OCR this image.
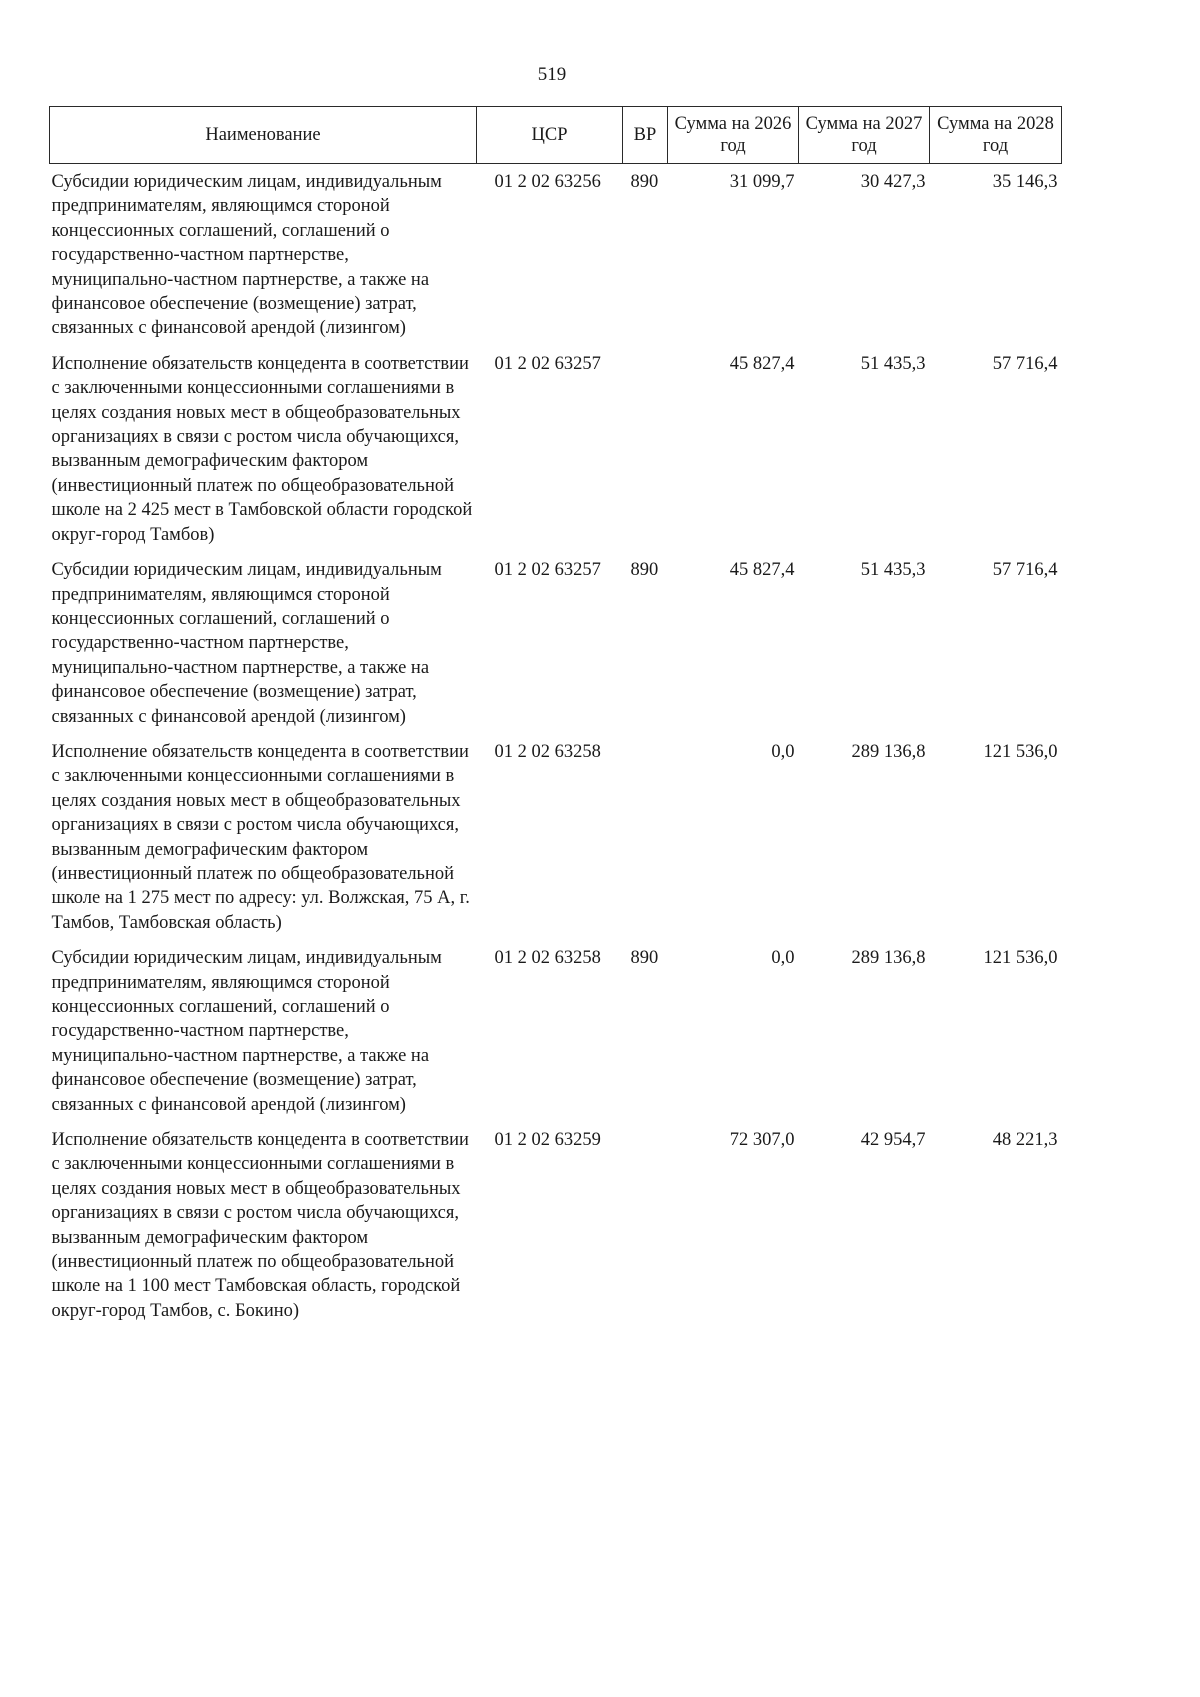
519
Наименование	ЦСР	ВР	Сумма на 2026 год	Сумма на 2027 год	Сумма на 2028 год
Субсидии юридическим лицам, индивидуальным предпринимателям, являющимся стороной концессионных соглашений, соглашений о государственно-частном партнерстве, муниципально-частном партнерстве, а также на финансовое обеспечение (возмещение) затрат, связанных с финансовой арендой (лизингом)	01 2 02 63256	890	31 099,7	30 427,3	35 146,3
Исполнение обязательств концедента в соответствии с заключенными концессионными соглашениями в целях создания новых мест в общеобразовательных организациях в связи с ростом числа обучающихся, вызванным демографическим фактором (инвестиционный платеж по общеобразовательной школе на 2 425 мест в Тамбовской области городской округ-город Тамбов)	01 2 02 63257		45 827,4	51 435,3	57 716,4
Субсидии юридическим лицам, индивидуальным предпринимателям, являющимся стороной концессионных соглашений, соглашений о государственно-частном партнерстве, муниципально-частном партнерстве, а также на финансовое обеспечение (возмещение) затрат, связанных с финансовой арендой (лизингом)	01 2 02 63257	890	45 827,4	51 435,3	57 716,4
Исполнение обязательств концедента в соответствии с заключенными концессионными соглашениями в целях создания новых мест в общеобразовательных организациях в связи с ростом числа обучающихся, вызванным демографическим фактором (инвестиционный платеж по общеобразовательной школе на 1 275 мест по адресу: ул. Волжская, 75 А, г. Тамбов, Тамбовская область)	01 2 02 63258		0,0	289 136,8	121 536,0
Субсидии юридическим лицам, индивидуальным предпринимателям, являющимся стороной концессионных соглашений, соглашений о государственно-частном партнерстве, муниципально-частном партнерстве, а также на финансовое обеспечение (возмещение) затрат, связанных с финансовой арендой (лизингом)	01 2 02 63258	890	0,0	289 136,8	121 536,0
Исполнение обязательств концедента в соответствии с заключенными концессионными соглашениями в целях создания новых мест в общеобразовательных организациях в связи с ростом числа обучающихся, вызванным демографическим фактором (инвестиционный платеж по общеобразовательной школе на 1 100 мест Тамбовская область, городской округ-город Тамбов, с. Бокино)	01 2 02 63259		72 307,0	42 954,7	48 221,3
